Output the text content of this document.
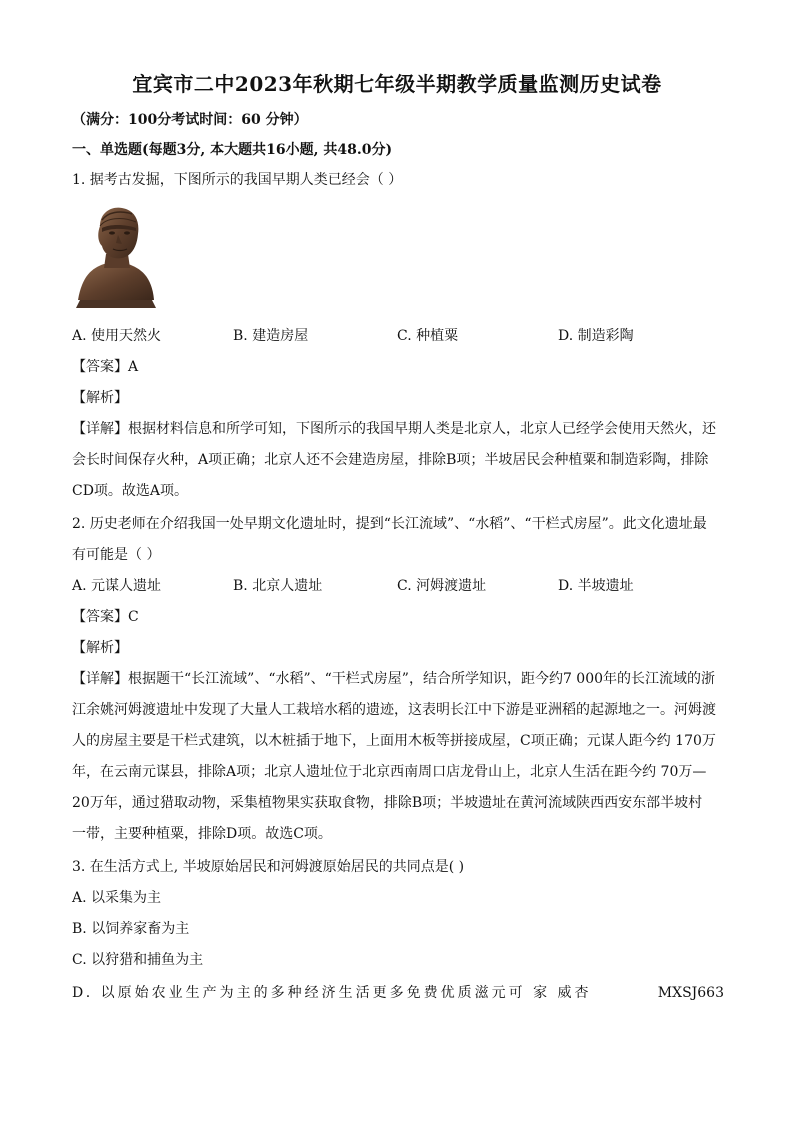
宜宾市二中2023年秋期七年级半期教学质量监测历史试卷
（满分：100分考试时间：60 分钟）
一、单选题(每题3分, 本大题共16小题, 共48.0分)
1. 据考古发掘，下图所示的我国早期人类已经会（ ）
A. 使用天然火	B. 建造房屋	C. 种植粟	D. 制造彩陶
【答案】A
【解析】
【详解】根据材料信息和所学可知，下图所示的我国早期人类是北京人，北京人已经学会使用天然火，还
会长时间保存火种，A项正确；北京人还不会建造房屋，排除B项；半坡居民会种植粟和制造彩陶，排除
CD项。故选A项。
2. 历史老师在介绍我国一处早期文化遗址时，提到“长江流域”、“水稻”、“干栏式房屋”。此文化遗址最
有可能是（ ）
A. 元谋人遗址	B. 北京人遗址	C. 河姆渡遗址	D. 半坡遗址
【答案】C
【解析】
【详解】根据题干“长江流域”、“水稻”、“干栏式房屋”，结合所学知识，距今约7 000年的长江流域的浙
江余姚河姆渡遗址中发现了大量人工栽培水稻的遗迹，这表明长江中下游是亚洲稻的起源地之一。河姆渡
人的房屋主要是干栏式建筑，以木桩插于地下，上面用木板等拼接成屋，C项正确；元谋人距今约 170万
年，在云南元谋县，排除A项；北京人遗址位于北京西南周口店龙骨山上，北京人生活在距今约 70万—
20万年，通过猎取动物，采集植物果实获取食物，排除B项；半坡遗址在黄河流域陕西西安东部半坡村
一带，主要种植粟，排除D项。故选C项。
3. 在生活方式上, 半坡原始居民和河姆渡原始居民的共同点是( )
A. 以采集为主
B. 以饲养家畜为主
C. 以狩猎和捕鱼为主
D. 以原始农业生产为主的多种经济生活更多免费优质滋元可 家 威杏	MXSJ663
